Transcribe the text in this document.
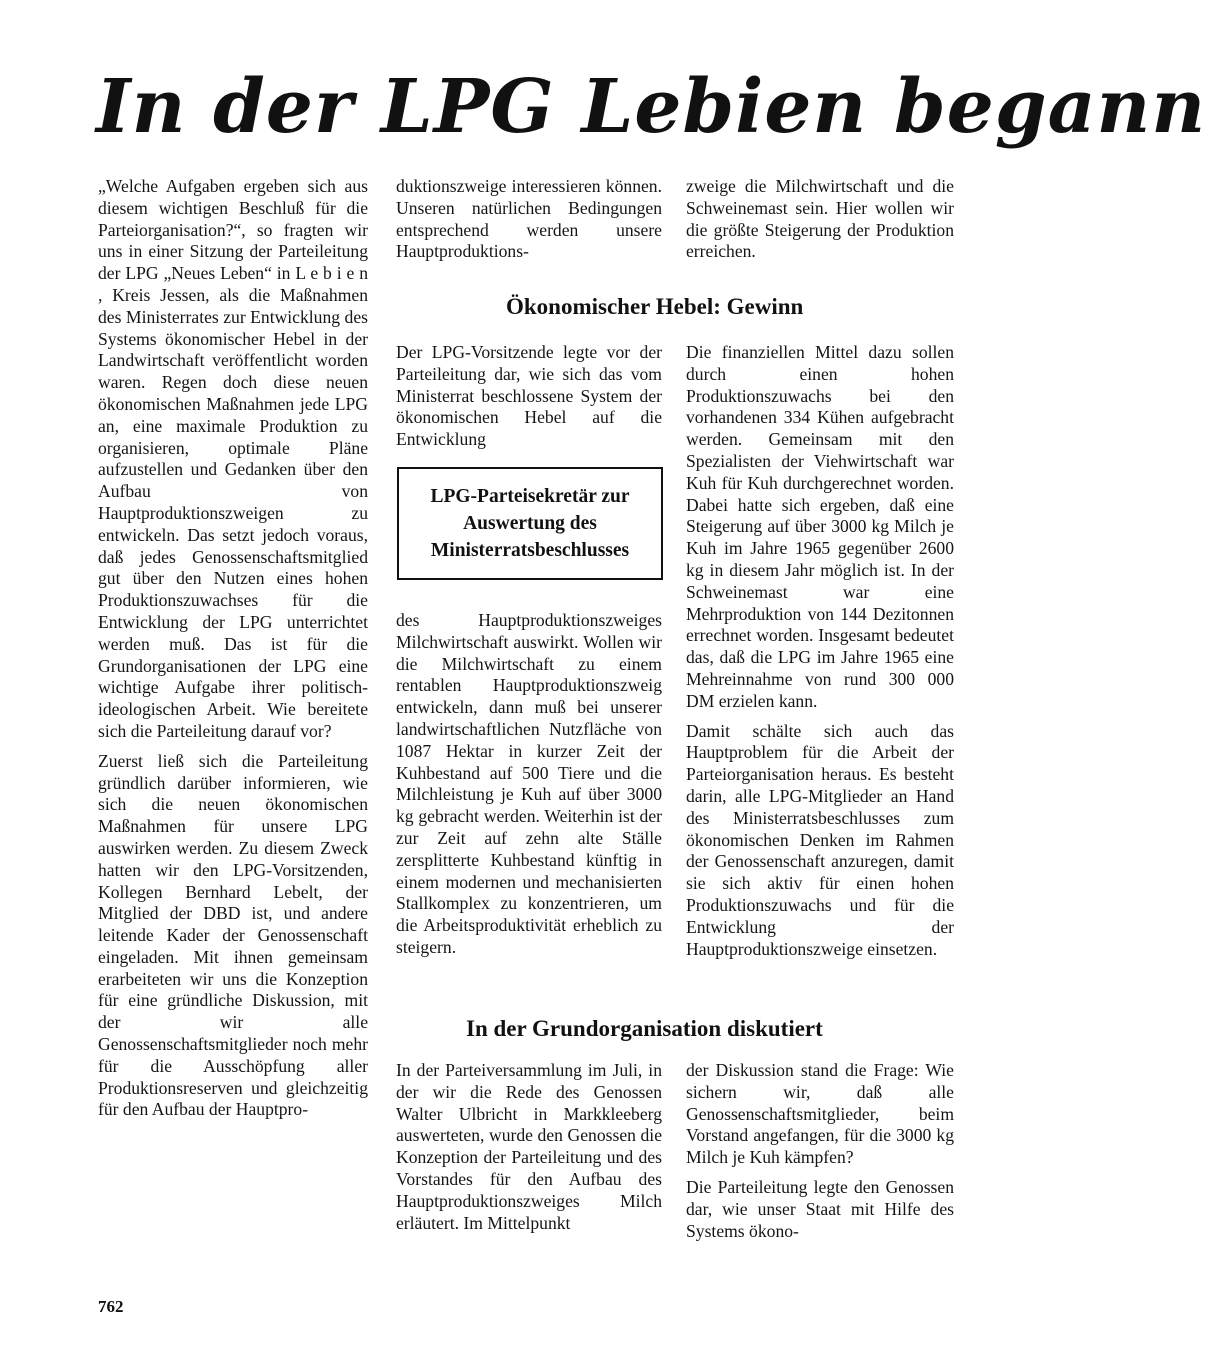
In der LPG Lebien begann

„Welche Aufgaben ergeben sich aus diesem wichtigen Beschluß für die Parteiorganisation?“, so fragten wir uns in einer Sitzung der Parteileitung der LPG „Neues Leben“ in L e b i e n , Kreis Jessen, als die Maßnahmen des Ministerrates zur Entwicklung des Systems ökonomischer Hebel in der Landwirtschaft veröffentlicht worden waren. Regen doch diese neuen ökonomischen Maßnahmen jede LPG an, eine maximale Produktion zu organisieren, optimale Pläne aufzustellen und Gedanken über den Aufbau von Hauptproduktionszweigen zu entwickeln. Das setzt jedoch voraus, daß jedes Genossenschaftsmitglied gut über den Nutzen eines hohen Produktionszuwachses für die Entwicklung der LPG unterrichtet werden muß. Das ist für die Grundorganisationen der LPG eine wichtige Aufgabe ihrer politisch-ideologischen Arbeit. Wie bereitete sich die Parteileitung darauf vor?

Zuerst ließ sich die Parteileitung gründlich darüber informieren, wie sich die neuen ökonomischen Maßnahmen für unsere LPG auswirken werden. Zu diesem Zweck hatten wir den LPG-Vorsitzenden, Kollegen Bernhard Lebelt, der Mitglied der DBD ist, und andere leitende Kader der Genossenschaft eingeladen. Mit ihnen gemeinsam erarbeiteten wir uns die Konzeption für eine gründliche Diskussion, mit der wir alle Genossenschaftsmitglieder noch mehr für die Ausschöpfung aller Produktionsreserven und gleichzeitig für den Aufbau der Hauptpro-

duktionszweige interessieren können. Unseren natürlichen Bedingungen entsprechend werden unsere Hauptproduktions-

zweige die Milchwirtschaft und die Schweinemast sein. Hier wollen wir die größte Steigerung der Produktion erreichen.

Ökonomischer Hebel: Gewinn

Der LPG-Vorsitzende legte vor der Parteileitung dar, wie sich das vom Ministerrat beschlossene System der ökonomischen Hebel auf die Entwicklung

LPG-Parteisekretär zur Auswertung des Ministerratsbeschlusses

des Hauptproduktionszweiges Milchwirtschaft auswirkt. Wollen wir die Milchwirtschaft zu einem rentablen Hauptproduktionszweig entwickeln, dann muß bei unserer landwirtschaftlichen Nutzfläche von 1087 Hektar in kurzer Zeit der Kuhbestand auf 500 Tiere und die Milchleistung je Kuh auf über 3000 kg gebracht werden. Weiterhin ist der zur Zeit auf zehn alte Ställe zersplitterte Kuhbestand künftig in einem modernen und mechanisierten Stallkomplex zu konzentrieren, um die Arbeitsproduktivität erheblich zu steigern.

Die finanziellen Mittel dazu sollen durch einen hohen Produktionszuwachs bei den vorhandenen 334 Kühen aufgebracht werden. Gemeinsam mit den Spezialisten der Viehwirtschaft war Kuh für Kuh durchgerechnet worden. Dabei hatte sich ergeben, daß eine Steigerung auf über 3000 kg Milch je Kuh im Jahre 1965 gegenüber 2600 kg in diesem Jahr möglich ist. In der Schweinemast war eine Mehrproduktion von 144 Dezitonnen errechnet worden. Insgesamt bedeutet das, daß die LPG im Jahre 1965 eine Mehreinnahme von rund 300 000 DM erzielen kann.

Damit schälte sich auch das Hauptproblem für die Arbeit der Parteiorganisation heraus. Es besteht darin, alle LPG-Mitglieder an Hand des Ministerratsbeschlusses zum ökonomischen Denken im Rahmen der Genossenschaft anzuregen, damit sie sich aktiv für einen hohen Produktionszuwachs und für die Entwicklung der Hauptproduktionszweige einsetzen.

In der Grundorganisation diskutiert

In der Parteiversammlung im Juli, in der wir die Rede des Genossen Walter Ulbricht in Markkleeberg auswerteten, wurde den Genossen die Konzeption der Parteileitung und des Vorstandes für den Aufbau des Hauptproduktionszweiges Milch erläutert. Im Mittelpunkt

der Diskussion stand die Frage: Wie sichern wir, daß alle Genossenschaftsmitglieder, beim Vorstand angefangen, für die 3000 kg Milch je Kuh kämpfen?

Die Parteileitung legte den Genossen dar, wie unser Staat mit Hilfe des Systems ökono-

762
